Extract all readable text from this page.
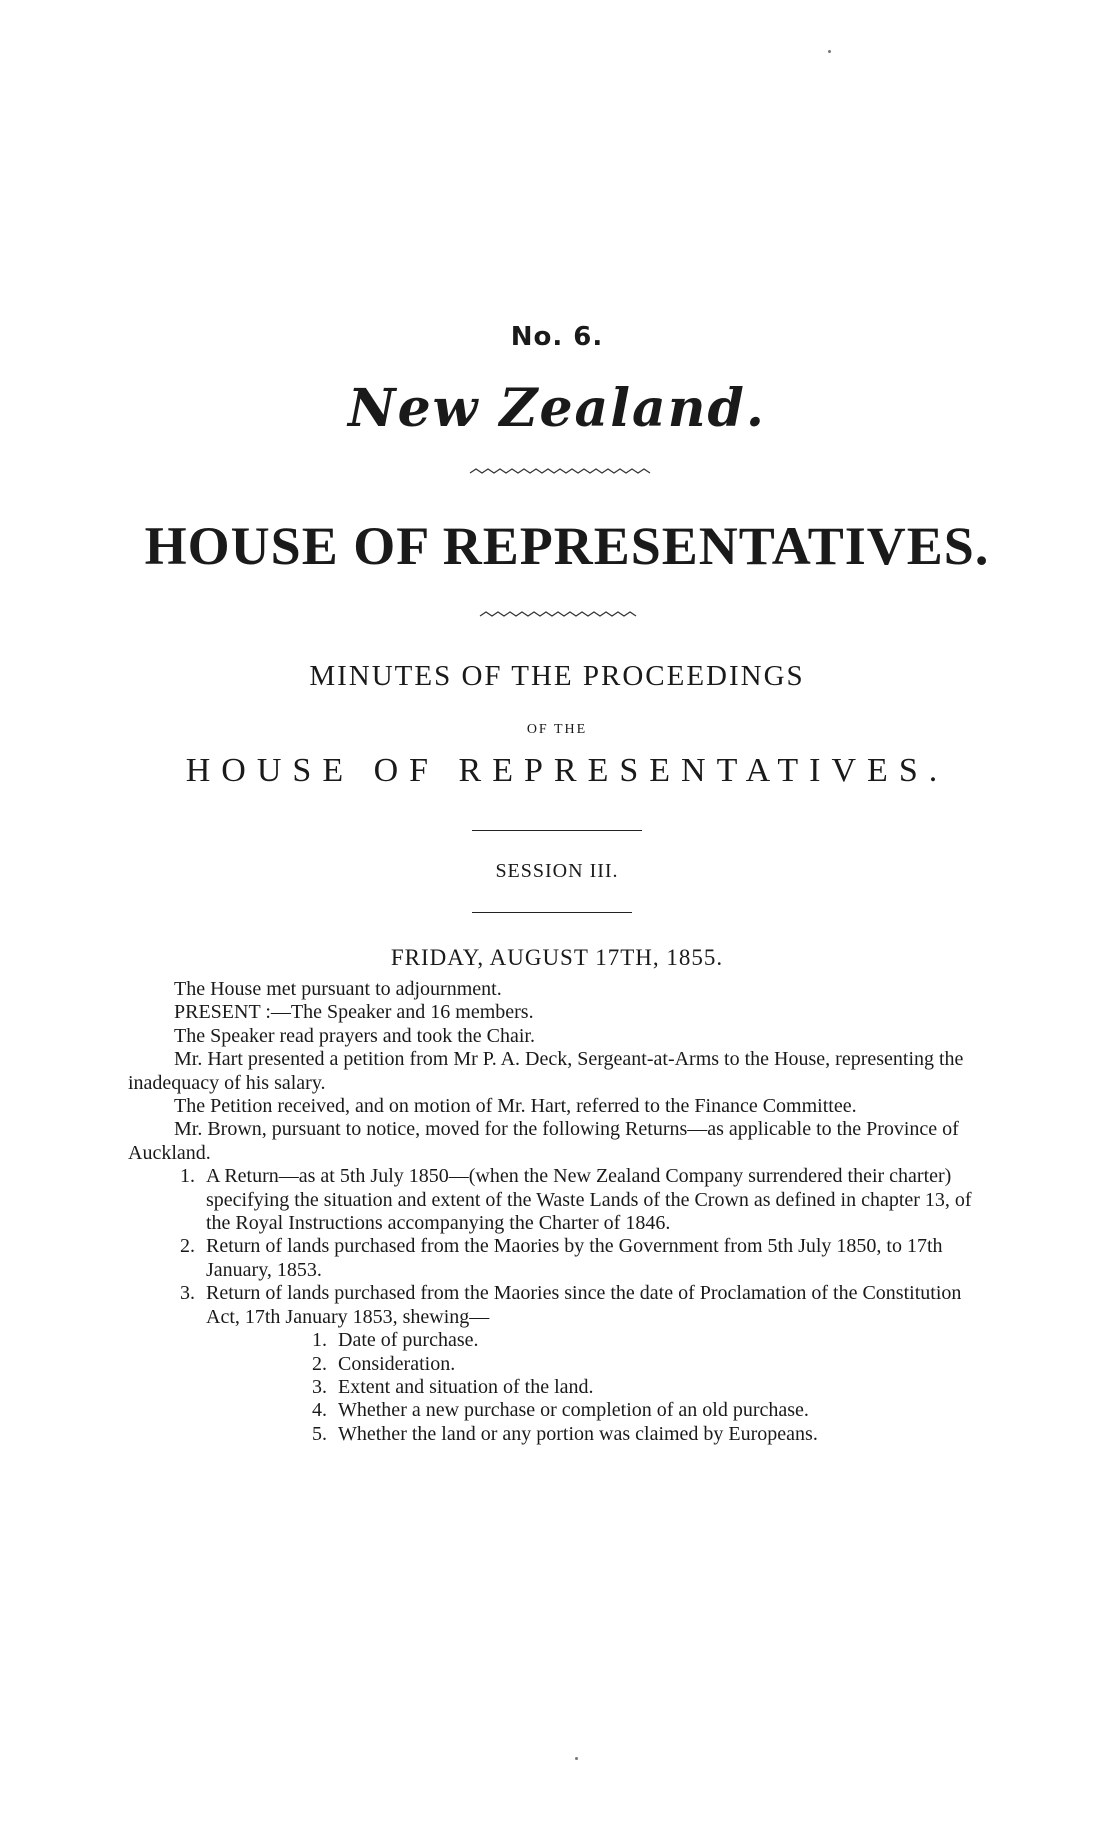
No. 6.
New Zealand.
HOUSE OF REPRESENTATIVES.
MINUTES OF THE PROCEEDINGS
OF THE
HOUSE OF REPRESENTATIVES.
SESSION III.
FRIDAY, AUGUST 17TH, 1855.

The House met pursuant to adjournment.

PRESENT :—The Speaker and 16 members.

The Speaker read prayers and took the Chair.

Mr. Hart presented a petition from Mr P. A. Deck, Sergeant-at-Arms to the House, representing the inadequacy of his salary.

The Petition received, and on motion of Mr. Hart, referred to the Finance Committee.

Mr. Brown, pursuant to notice, moved for the following Returns—as applicable to the Province of Auckland.

1. A Return—as at 5th July 1850—(when the New Zealand Company surrendered their charter) specifying the situation and extent of the Waste Lands of the Crown as defined in chapter 13, of the Royal Instructions accompanying the Charter of 1846.

2. Return of lands purchased from the Maories by the Government from 5th July 1850, to 17th January, 1853.

3. Return of lands purchased from the Maories since the date of Proclamation of the Constitution Act, 17th January 1853, shewing—

1. Date of purchase.

2. Consideration.

3. Extent and situation of the land.

4. Whether a new purchase or completion of an old purchase.

5. Whether the land or any portion was claimed by Europeans.
